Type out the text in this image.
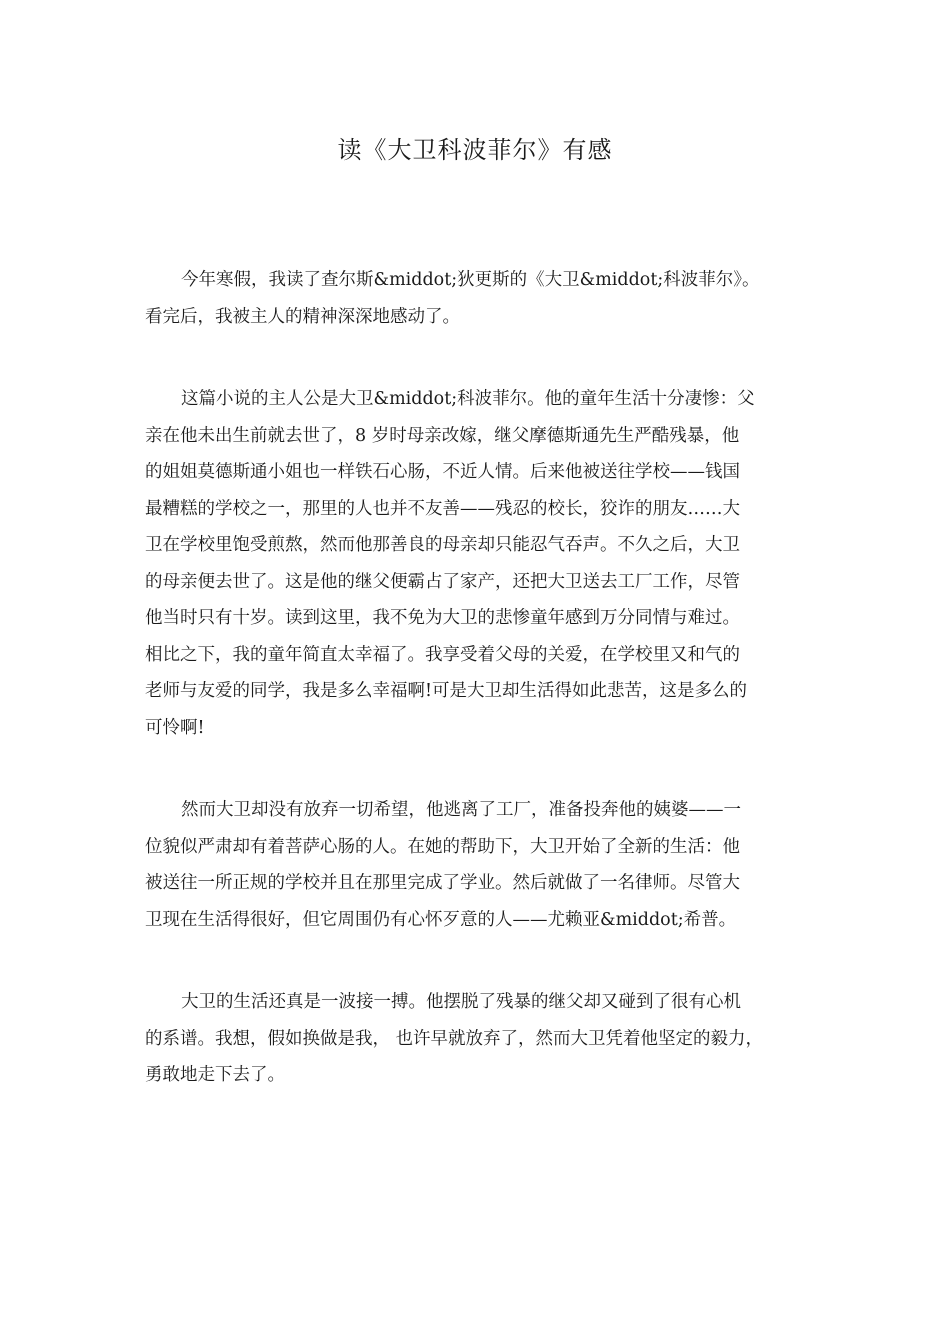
读《大卫科波菲尔》有感

今年寒假，我读了查尔斯&middot;狄更斯的《大卫&middot;科波菲尔》。
看完后，我被主人的精神深深地感动了。

这篇小说的主人公是大卫&middot;科波菲尔。他的童年生活十分凄惨：父
亲在他未出生前就去世了，8 岁时母亲改嫁，继父摩德斯通先生严酷残暴，他
的姐姐莫德斯通小姐也一样铁石心肠，不近人情。后来他被送往学校——钱国
最糟糕的学校之一，那里的人也并不友善——残忍的校长，狡诈的朋友……大
卫在学校里饱受煎熬，然而他那善良的母亲却只能忍气吞声。不久之后，大卫
的母亲便去世了。这是他的继父便霸占了家产，还把大卫送去工厂工作，尽管
他当时只有十岁。读到这里，我不免为大卫的悲惨童年感到万分同情与难过。
相比之下，我的童年简直太幸福了。我享受着父母的关爱，在学校里又和气的
老师与友爱的同学，我是多么幸福啊!可是大卫却生活得如此悲苦，这是多么的
可怜啊!

然而大卫却没有放弃一切希望，他逃离了工厂，准备投奔他的姨婆——一
位貌似严肃却有着菩萨心肠的人。在她的帮助下，大卫开始了全新的生活：他
被送往一所正规的学校并且在那里完成了学业。然后就做了一名律师。尽管大
卫现在生活得很好，但它周围仍有心怀歹意的人——尤赖亚&middot;希普。

大卫的生活还真是一波接一搏。他摆脱了残暴的继父却又碰到了很有心机
的系谱。我想，假如换做是我， 也许早就放弃了，然而大卫凭着他坚定的毅力，
勇敢地走下去了。
